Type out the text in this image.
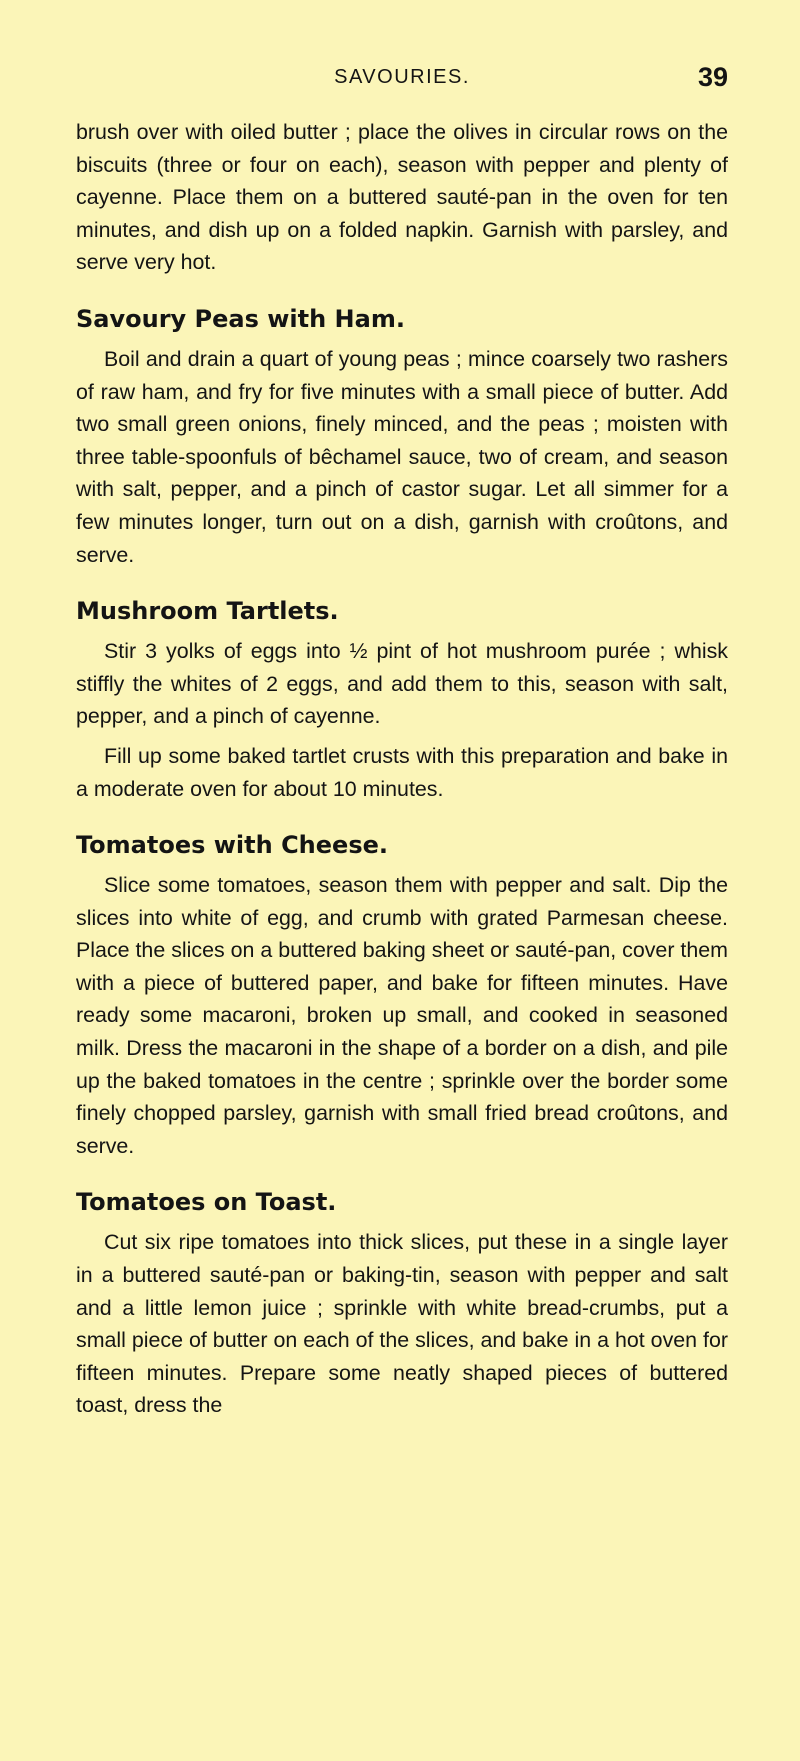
SAVOURIES.	39

brush over with oiled butter ; place the olives in circular rows on the biscuits (three or four on each), season with pepper and plenty of cayenne. Place them on a buttered sauté-pan in the oven for ten minutes, and dish up on a folded napkin. Garnish with parsley, and serve very hot.

Savoury Peas with Ham.

Boil and drain a quart of young peas ; mince coarsely two rashers of raw ham, and fry for five minutes with a small piece of butter. Add two small green onions, finely minced, and the peas ; moisten with three table-spoonfuls of bêchamel sauce, two of cream, and season with salt, pepper, and a pinch of castor sugar. Let all simmer for a few minutes longer, turn out on a dish, garnish with croûtons, and serve.

Mushroom Tartlets.

Stir 3 yolks of eggs into ½ pint of hot mushroom purée ; whisk stiffly the whites of 2 eggs, and add them to this, season with salt, pepper, and a pinch of cayenne.

Fill up some baked tartlet crusts with this preparation and bake in a moderate oven for about 10 minutes.

Tomatoes with Cheese.

Slice some tomatoes, season them with pepper and salt. Dip the slices into white of egg, and crumb with grated Parmesan cheese. Place the slices on a buttered baking sheet or sauté-pan, cover them with a piece of buttered paper, and bake for fifteen minutes. Have ready some macaroni, broken up small, and cooked in seasoned milk. Dress the macaroni in the shape of a border on a dish, and pile up the baked tomatoes in the centre ; sprinkle over the border some finely chopped parsley, garnish with small fried bread croûtons, and serve.

Tomatoes on Toast.

Cut six ripe tomatoes into thick slices, put these in a single layer in a buttered sauté-pan or baking-tin, season with pepper and salt and a little lemon juice ; sprinkle with white bread-crumbs, put a small piece of butter on each of the slices, and bake in a hot oven for fifteen minutes. Prepare some neatly shaped pieces of buttered toast, dress the
